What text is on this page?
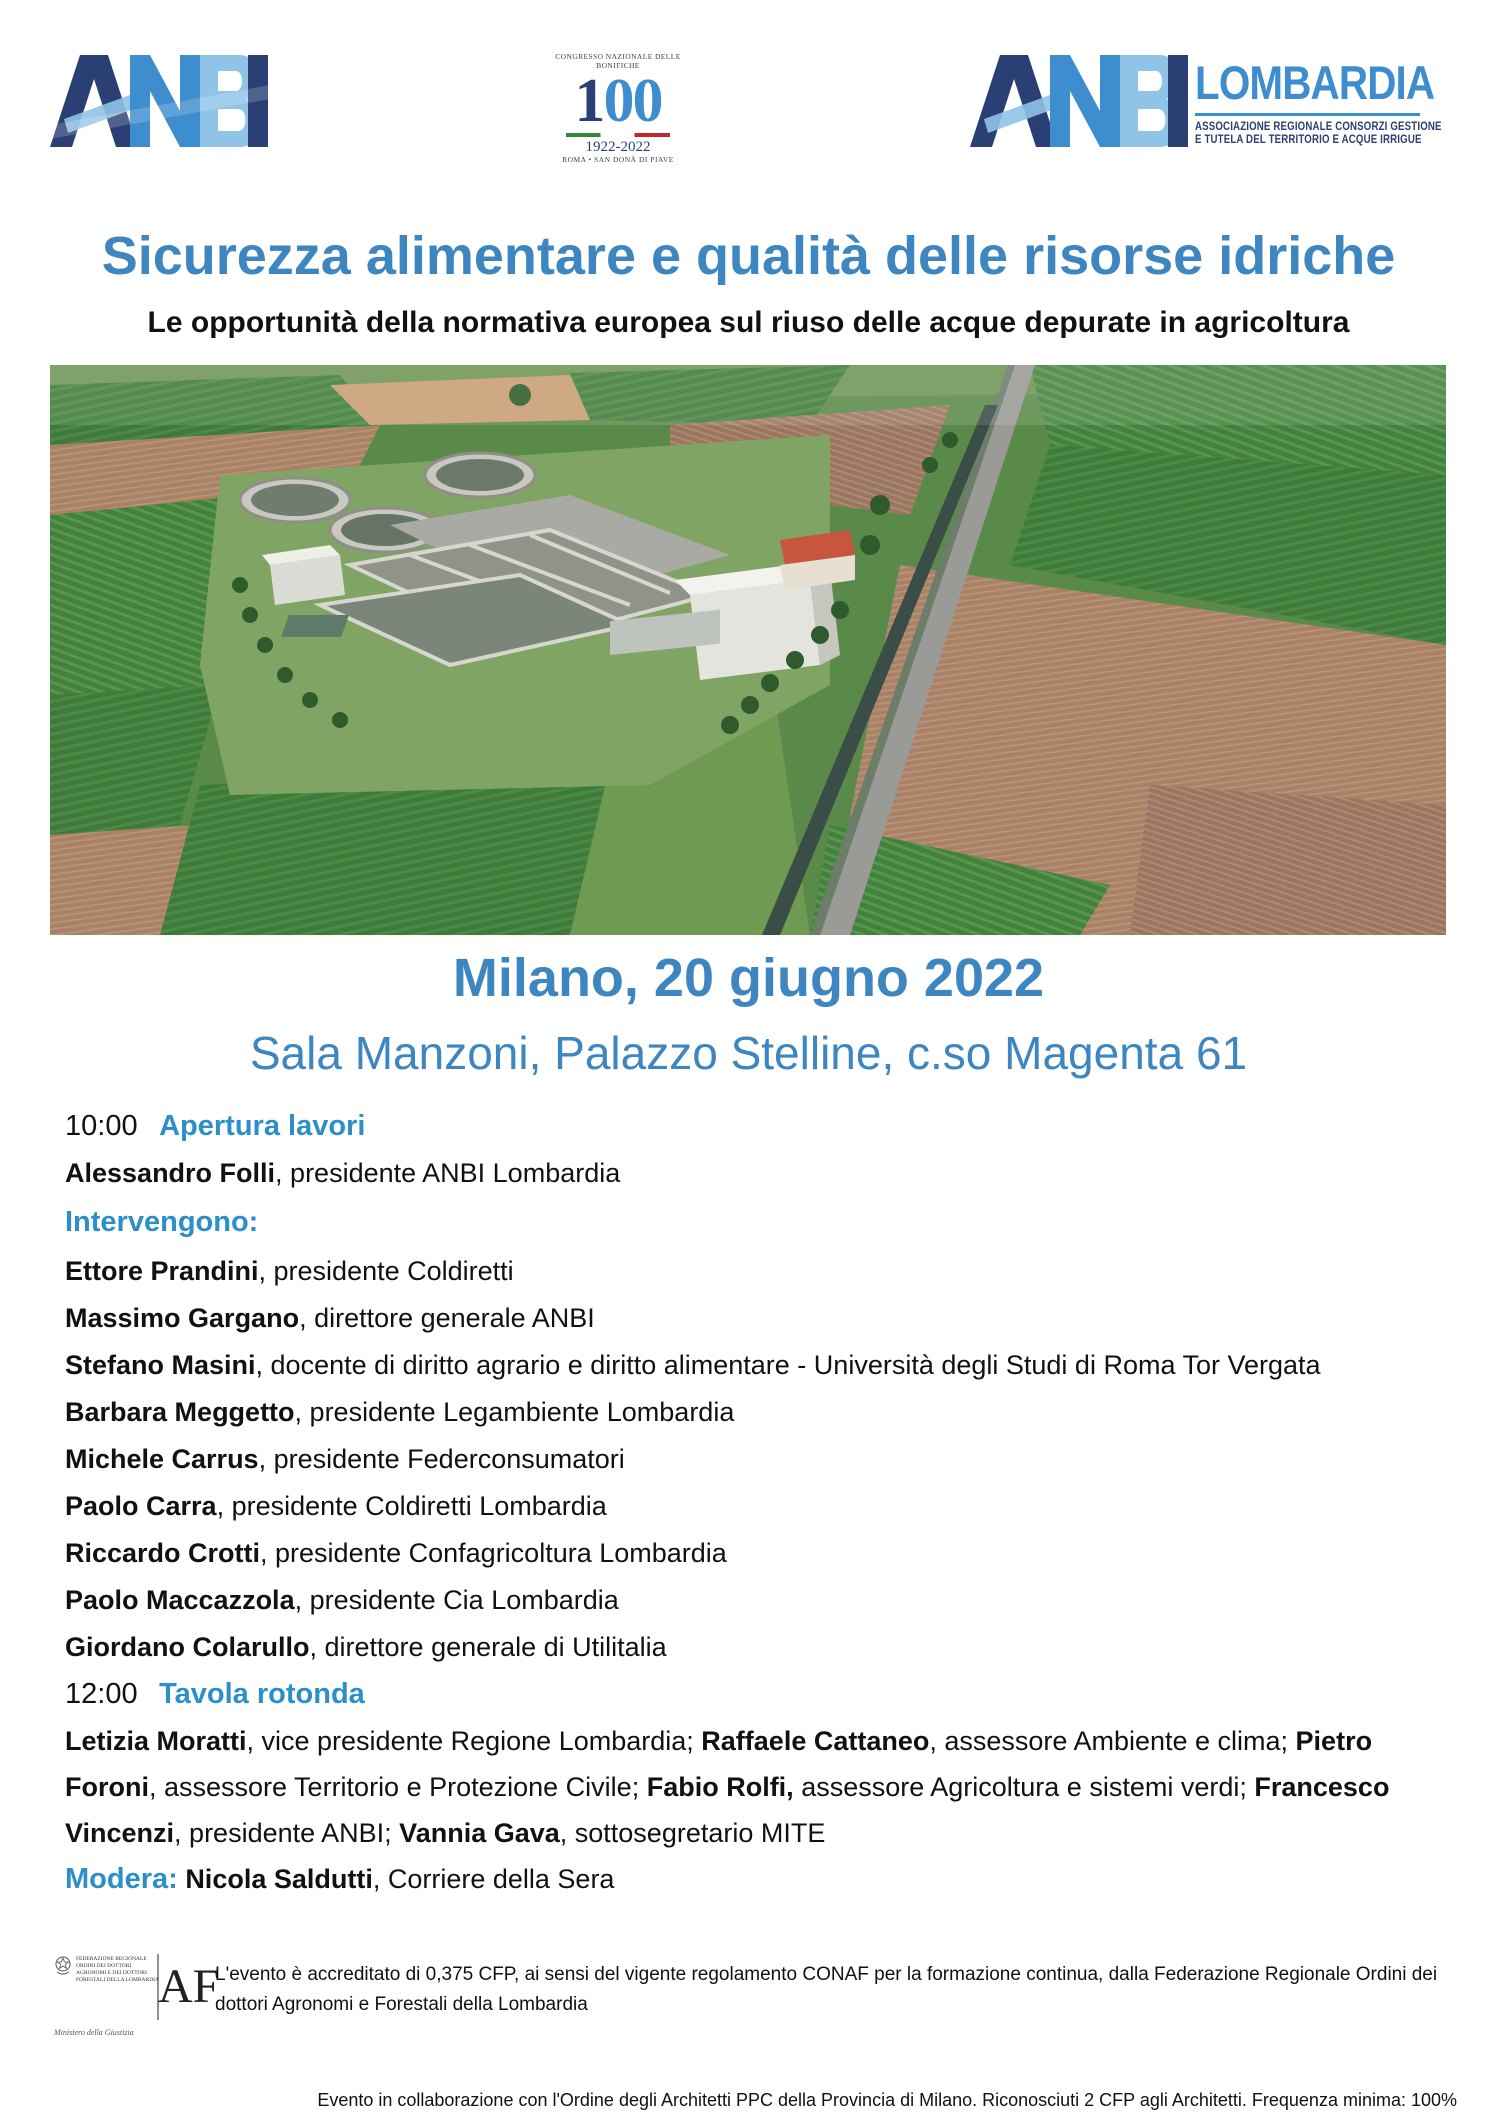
CONGRESSO NAZIONALE DELLE BONIFICHE
100
1922-2022
ROMA • SAN DONÀ DI PIAVE
LOMBARDIA
ASSOCIAZIONE REGIONALE CONSORZI GESTIONE
E TUTELA DEL TERRITORIO E ACQUE IRRIGUE
Sicurezza alimentare e qualità delle risorse idriche
Le opportunità della normativa europea sul riuso delle acque depurate in agricoltura
Milano, 20 giugno 2022
Sala Manzoni, Palazzo Stelline, c.so Magenta 61
10:00 Apertura lavori
Alessandro Folli, presidente ANBI Lombardia
Intervengono:
Ettore Prandini, presidente Coldiretti
Massimo Gargano, direttore generale ANBI
Stefano Masini, docente di diritto agrario e diritto alimentare - Università degli Studi di Roma Tor Vergata
Barbara Meggetto, presidente Legambiente Lombardia
Michele Carrus, presidente Federconsumatori
Paolo Carra, presidente Coldiretti Lombardia
Riccardo Crotti, presidente Confagricoltura Lombardia
Paolo Maccazzola, presidente Cia Lombardia
Giordano Colarullo, direttore generale di Utilitalia
12:00 Tavola rotonda
Letizia Moratti, vice presidente Regione Lombardia; Raffaele Cattaneo, assessore Ambiente e clima; Pietro Foroni, assessore Territorio e Protezione Civile; Fabio Rolfi, assessore Agricoltura e sistemi verdi; Francesco Vincenzi, presidente ANBI; Vannia Gava, sottosegretario MITE
Modera: Nicola Saldutti, Corriere della Sera
FEDERAZIONE REGIONALE ORDINI DEI DOTTORI AGRONOMI E DEI DOTTORI FORESTALI DELLA LOMBARDIA AF
Ministero della Giustizia
L'evento è accreditato di 0,375 CFP, ai sensi del vigente regolamento CONAF per la formazione continua, dalla Federazione Regionale Ordini dei dottori Agronomi e Forestali della Lombardia
Evento in collaborazione con l'Ordine degli Architetti PPC della Provincia di Milano. Riconosciuti 2 CFP agli Architetti. Frequenza minima: 100%
